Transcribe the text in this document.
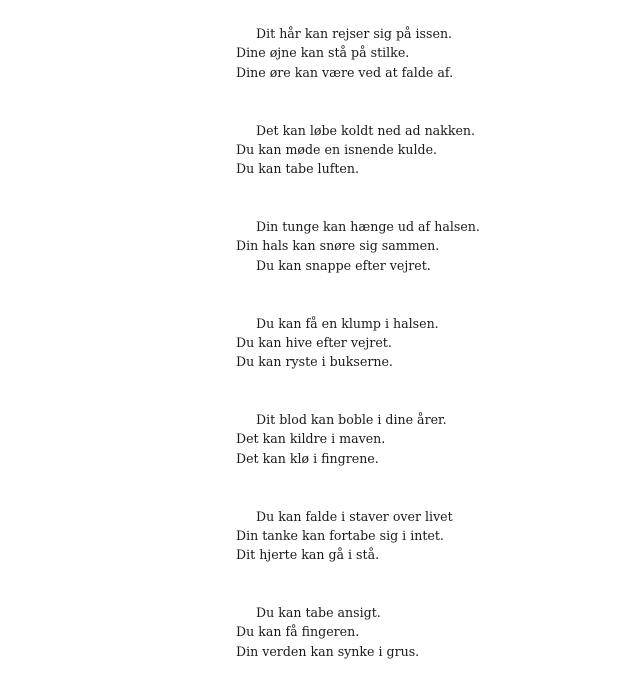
Dit hår kan rejser sig på issen.
Dine øjne kan stå på stilke.
Dine øre kan være ved at falde af.
Det kan løbe koldt ned ad nakken.
Du kan møde en isnende kulde.
Du kan tabe luften.
Din tunge kan hænge ud af halsen.
Din hals kan snøre sig sammen.
Du kan snappe efter vejret.
Du kan få en klump i halsen.
Du kan hive efter vejret.
Du kan ryste i bukserne.
Dit blod kan boble i dine årer.
Det kan kildre i maven.
Det kan klø i fingrene.
Du kan falde i staver over livet
Din tanke kan fortabe sig i intet.
Dit hjerte kan gå i stå.
Du kan tabe ansigt.
Du kan få fingeren.
Din verden kan synke i grus.
